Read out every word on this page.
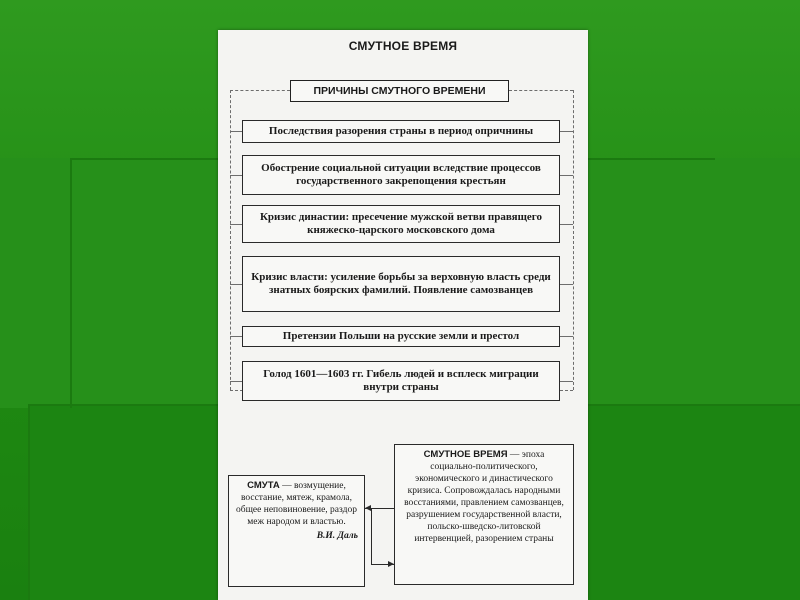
СМУТНОЕ ВРЕМЯ
ПРИЧИНЫ СМУТНОГО ВРЕМЕНИ
Последствия разорения страны в период опричнины
Обострение социальной ситуации вследствие процессов государственного закрепощения крестьян
Кризис династии: пресечение мужской ветви правящего княжеско-царского московского дома
Кризис власти: усиление борьбы за верховную власть среди знатных боярских фамилий. Появление самозванцев
Претензии Польши на русские земли и престол
Голод 1601—1603 гг. Гибель людей и всплеск миграции внутри страны
СМУТА — возмущение, восстание, мятеж, крамола, общее неповиновение, раздор меж народом и властью.
В.И. Даль
СМУТНОЕ ВРЕМЯ — эпоха социально-политического, экономического и династического кризиса. Сопровождалась народными восстаниями, правлением самозванцев, разрушением государственной власти, польско-шведско-литовской интервенцией, разорением страны
